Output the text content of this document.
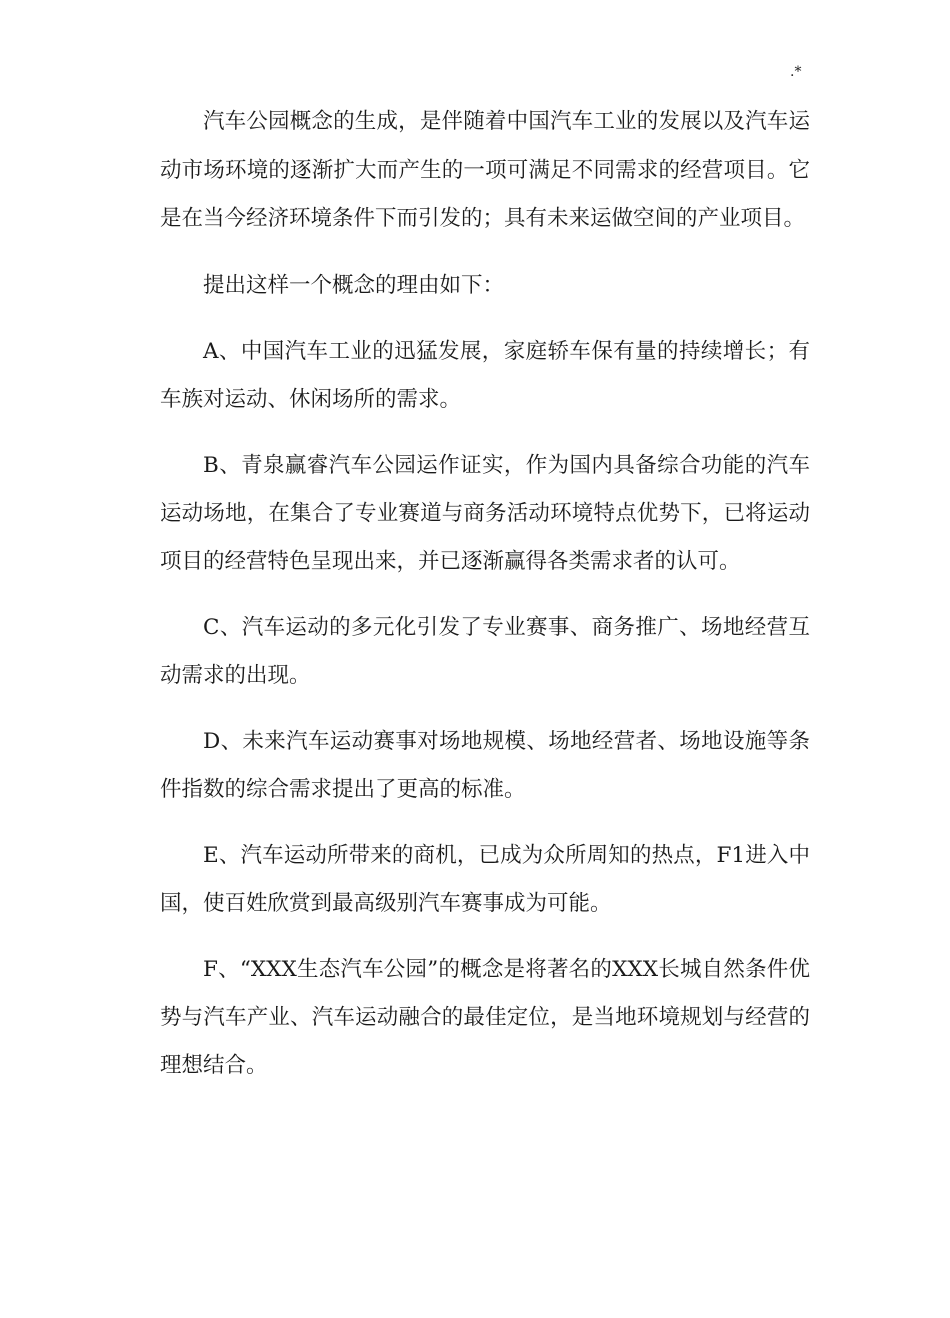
.*

汽车公园概念的生成，是伴随着中国汽车工业的发展以及汽车运动市场环境的逐渐扩大而产生的一项可满足不同需求的经营项目。它是在当今经济环境条件下而引发的；具有未来运做空间的产业项目。

提出这样一个概念的理由如下：

A、中国汽车工业的迅猛发展，家庭轿车保有量的持续增长；有车族对运动、休闲场所的需求。

B、青泉赢睿汽车公园运作证实，作为国内具备综合功能的汽车运动场地，在集合了专业赛道与商务活动环境特点优势下，已将运动项目的经营特色呈现出来，并已逐渐赢得各类需求者的认可。

C、汽车运动的多元化引发了专业赛事、商务推广、场地经营互动需求的出现。

D、未来汽车运动赛事对场地规模、场地经营者、场地设施等条件指数的综合需求提出了更高的标准。

E、汽车运动所带来的商机，已成为众所周知的热点，F1进入中国，使百姓欣赏到最高级别汽车赛事成为可能。

F、“XXX生态汽车公园”的概念是将著名的XXX长城自然条件优势与汽车产业、汽车运动融合的最佳定位，是当地环境规划与经营的理想结合。
